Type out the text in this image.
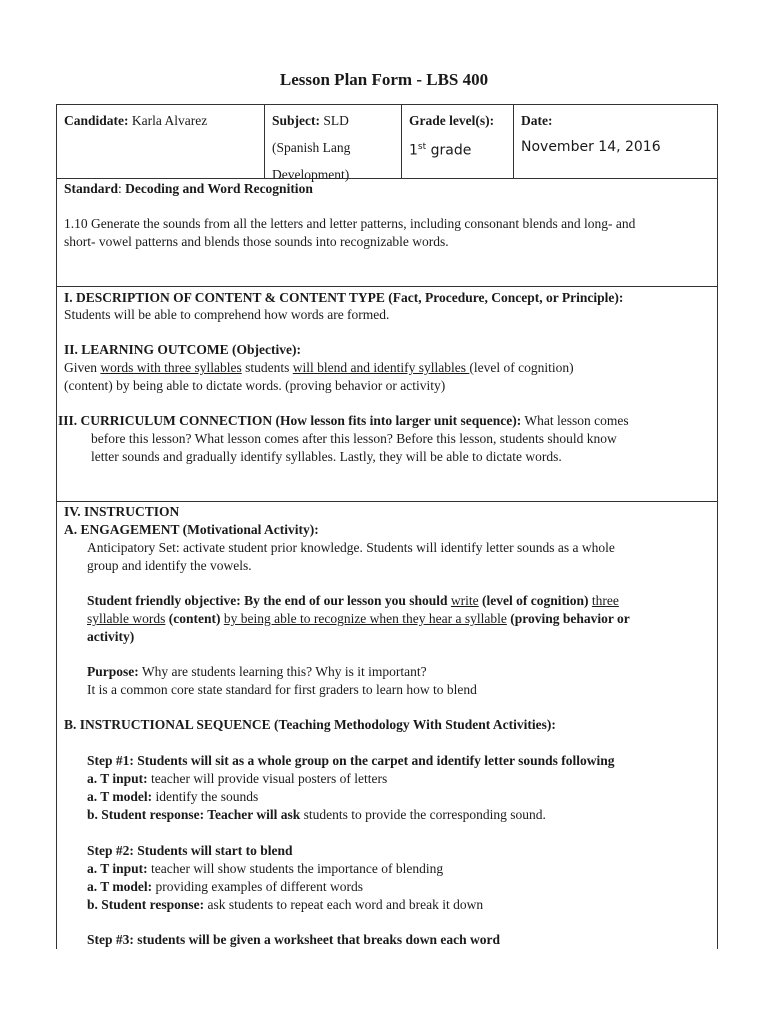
Lesson Plan Form - LBS 400
Candidate: Karla Alvarez	Subject: SLD
(Spanish Lang
Development)
Grade level(s):
1st grade
Date:
November 14, 2016
Standard: Decoding and Word Recognition
1.10 Generate the sounds from all the letters and letter patterns, including consonant blends and long- and
short- vowel patterns and blends those sounds into recognizable words.
I. DESCRIPTION OF CONTENT & CONTENT TYPE (Fact, Procedure, Concept, or Principle):
Students will be able to comprehend how words are formed.
II. LEARNING OUTCOME (Objective):
Given words with three syllables students will blend and identify syllables (level of cognition)
(content) by being able to dictate words. (proving behavior or activity)
III. CURRICULUM CONNECTION (How lesson fits into larger unit sequence): What lesson comes
before this lesson? What lesson comes after this lesson? Before this lesson, students should know
letter sounds and gradually identify syllables. Lastly, they will be able to dictate words.
IV. INSTRUCTION
A. ENGAGEMENT (Motivational Activity):
Anticipatory Set: activate student prior knowledge. Students will identify letter sounds as a whole
group and identify the vowels.
Student friendly objective: By the end of our lesson you should write (level of cognition) three
syllable words (content) by being able to recognize when they hear a syllable (proving behavior or
activity)
Purpose: Why are students learning this? Why is it important?
It is a common core state standard for first graders to learn how to blend
B. INSTRUCTIONAL SEQUENCE (Teaching Methodology With Student Activities):
Step #1: Students will sit as a whole group on the carpet and identify letter sounds following
a. T input: teacher will provide visual posters of letters
a. T model: identify the sounds
b. Student response: Teacher will ask students to provide the corresponding sound.
Step #2: Students will start to blend
a. T input: teacher will show students the importance of blending
a. T model: providing examples of different words
b. Student response: ask students to repeat each word and break it down
Step #3: students will be given a worksheet that breaks down each word
